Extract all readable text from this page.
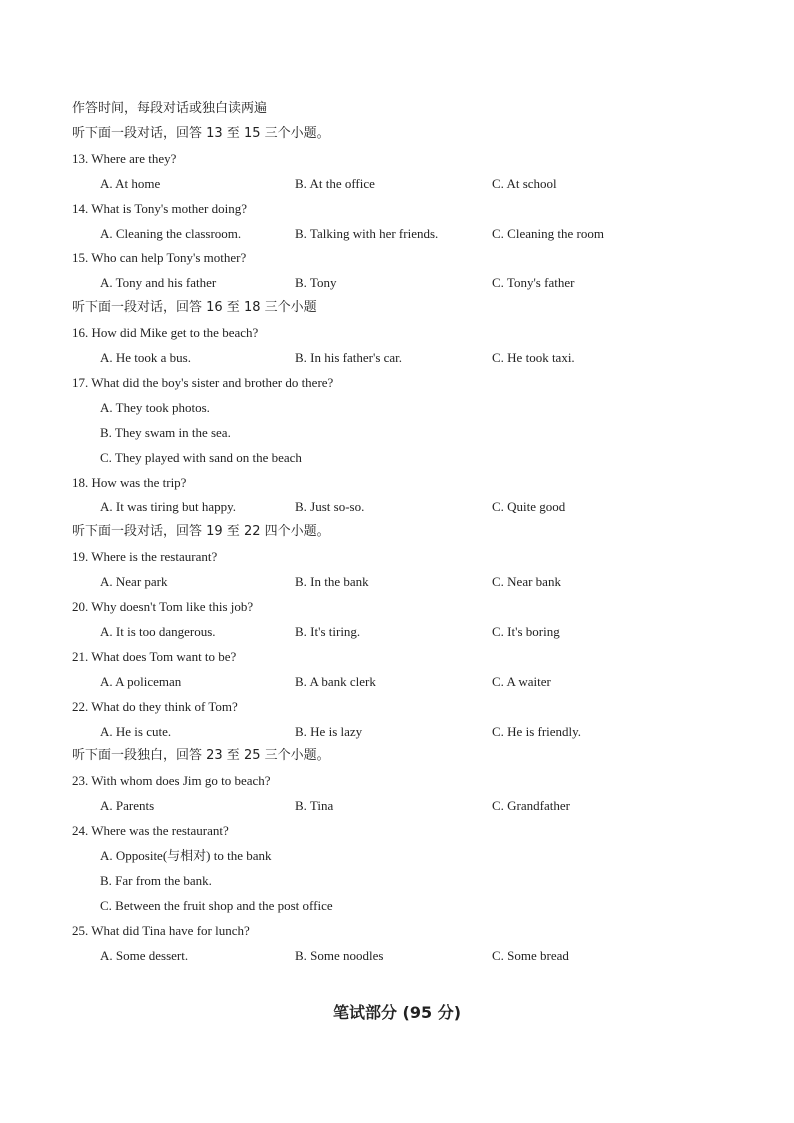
作答时间，每段对话或独白读两遍
听下面一段对话，回答 13 至 15 三个小题。
13. Where are they?
A. At home	B. At the office	C. At school
14. What is Tony's mother doing?
A. Cleaning the classroom.	B. Talking with her friends.	C. Cleaning the room
15. Who can help Tony's mother?
A. Tony and his father	B. Tony	C. Tony's father
听下面一段对话，回答 16 至 18 三个小题
16. How did Mike get to the beach?
A. He took a bus.	B. In his father's car.	C. He took taxi.
17. What did the boy's sister and brother do there?
A. They took photos.
B. They swam in the sea.
C. They played with sand on the beach
18. How was the trip?
A. It was tiring but happy.	B. Just so-so.	C. Quite good
听下面一段对话，回答 19 至 22 四个小题。
19. Where is the restaurant?
A. Near park	B. In the bank	C. Near bank
20. Why doesn't Tom like this job?
A. It is too dangerous.	B. It's tiring.	C. It's boring
21. What does Tom want to be?
A. A policeman	B. A bank clerk	C. A waiter
22. What do they think of Tom?
A. He is cute.	B. He is lazy	C. He is friendly.
听下面一段独白，回答 23 至 25 三个小题。
23. With whom does Jim go to beach?
A. Parents	B. Tina	C. Grandfather
24. Where was the restaurant?
A. Opposite(与相对) to the bank
B. Far from the bank.
C. Between the fruit shop and the post office
25. What did Tina have for lunch?
A. Some dessert.	B. Some noodles	C. Some bread
笔试部分 (95 分)
